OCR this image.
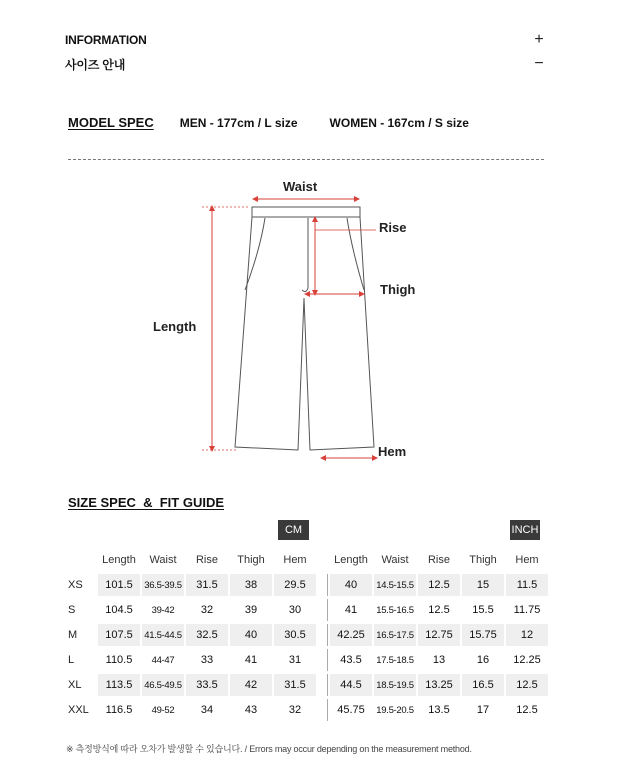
INFORMATION	+
사이즈 안내	−
MODEL SPEC MEN - 177cm / L size	WOMEN - 167cm / S size
Waist
Rise
Thigh
Length
Hem
SIZE SPEC  &  FIT GUIDE
CM	INCH
	Length	Waist	Rise	Thigh	Hem		Length	Waist	Rise	Thigh	Hem
XS	101.5	36.5-39.5	31.5	38	29.5		40	14.5-15.5	12.5	15	11.5
S	104.5	39-42	32	39	30		41	15.5-16.5	12.5	15.5	11.75
M	107.5	41.5-44.5	32.5	40	30.5		42.25	16.5-17.5	12.75	15.75	12
L	110.5	44-47	33	41	31		43.5	17.5-18.5	13	16	12.25
XL	113.5	46.5-49.5	33.5	42	31.5		44.5	18.5-19.5	13.25	16.5	12.5
XXL	116.5	49-52	34	43	32		45.75	19.5-20.5	13.5	17	12.5
※ 측정방식에 따라 오차가 발생할 수 있습니다. / Errors may occur depending on the measurement method.
